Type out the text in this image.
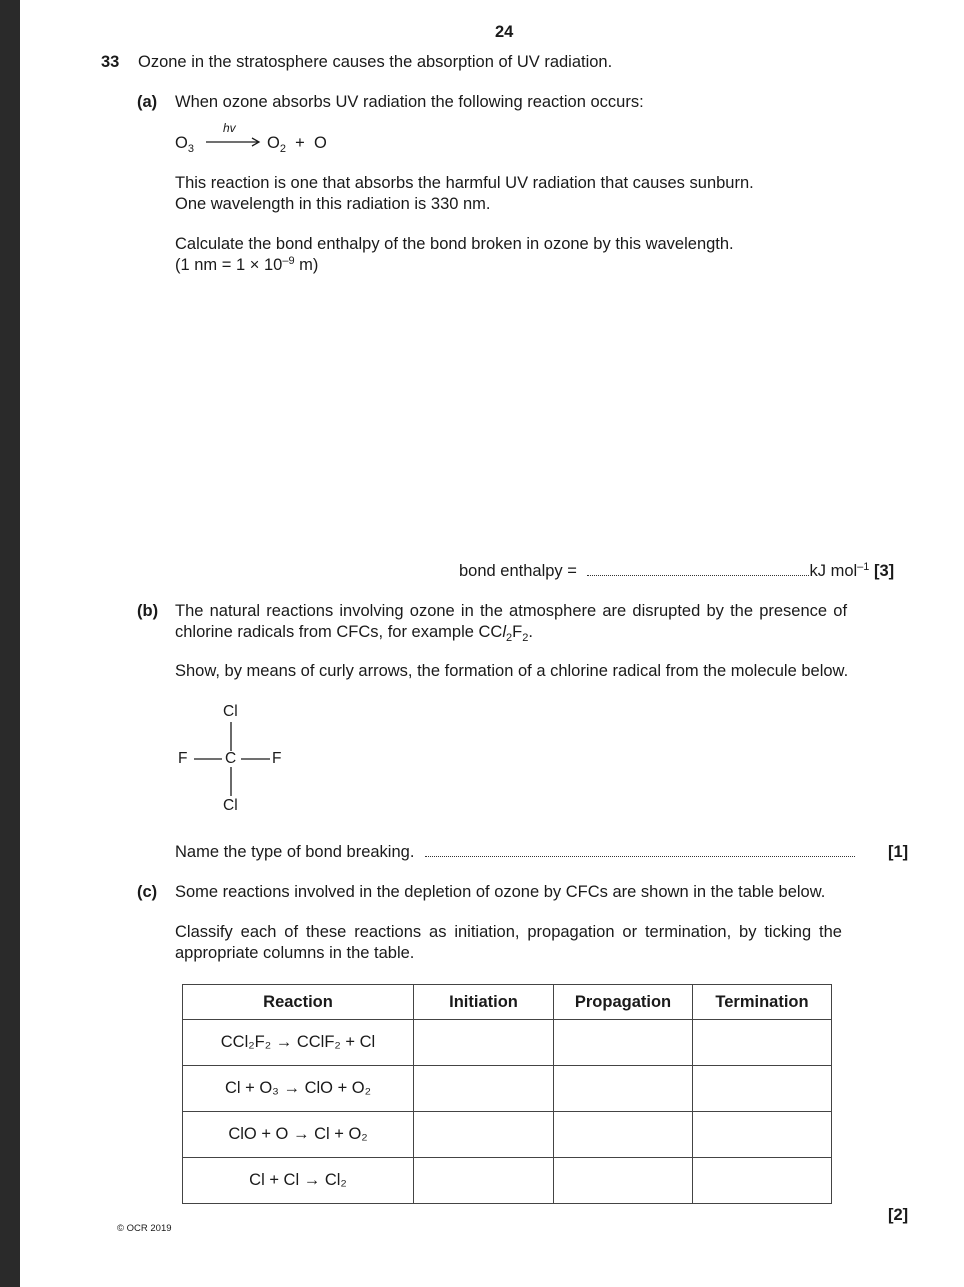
24
33 Ozone in the stratosphere causes the absorption of UV radiation.
(a) When ozone absorbs UV radiation the following reaction occurs:
$O_3$
hv
$O_2 + O$
This reaction is one that absorbs the harmful UV radiation that causes sunburn.
One wavelength in this radiation is 330 nm.
Calculate the bond enthalpy of the bond broken in ozone by this wavelength.
(1 nm = $1 \times 10^{-9}$ m)
bond enthalpy =	kJ mol$^{-1}$ [3]
(b) The natural reactions involving ozone in the atmosphere are disrupted by the presence of
chlorine radicals from CFCs, for example $CCl_2F_2$.
Show, by means of curly arrows, the formation of a chlorine radical from the molecule below.
Cl
F C F
Cl
Name the type of bond breaking.	[1]
(c) Some reactions involved in the depletion of ozone by CFCs are shown in the table below.
Classify each of these reactions as initiation, propagation or termination, by ticking the
appropriate columns in the table.
Reaction	Initiation	Propagation	Termination
CCl₂F₂ → CClF₂ + Cl			
Cl + O₃ → ClO + O₂			
ClO + O → Cl + O₂			
Cl + Cl → Cl₂			
[2]
© OCR 2019
